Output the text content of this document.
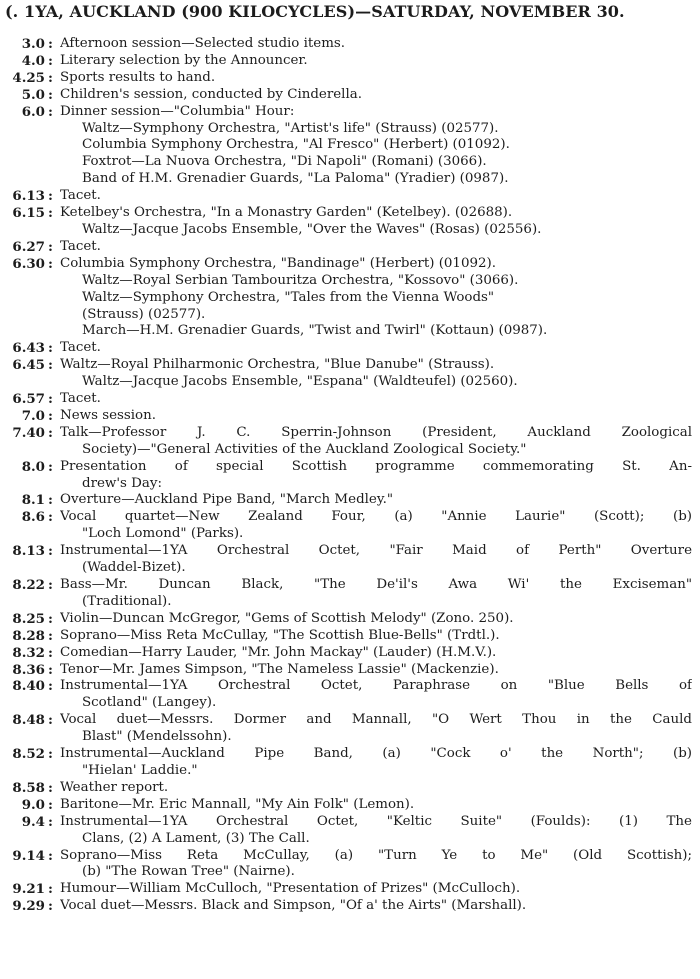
(. 1YA, AUCKLAND (900 KILOCYCLES)—SATURDAY, NOVEMBER 30.
3.0 : Afternoon session—Selected studio items.
4.0 : Literary selection by the Announcer.
4.25 : Sports results to hand.
5.0 : Children's session, conducted by Cinderella.
6.0 : Dinner session—"Columbia" Hour:
Waltz—Symphony Orchestra, "Artist's life" (Strauss) (02577).
Columbia Symphony Orchestra, "Al Fresco" (Herbert) (01092).
Foxtrot—La Nuova Orchestra, "Di Napoli" (Romani) (3066).
Band of H.M. Grenadier Guards, "La Paloma" (Yradier) (0987).
6.13 : Tacet.
6.15 : Ketelbey's Orchestra, "In a Monastry Garden" (Ketelbey). (02688).
Waltz—Jacque Jacobs Ensemble, "Over the Waves" (Rosas) (02556).
6.27 : Tacet.
6.30 : Columbia Symphony Orchestra, "Bandinage" (Herbert) (01092).
Waltz—Royal Serbian Tambouritza Orchestra, "Kossovo" (3066).
Waltz—Symphony Orchestra, "Tales from the Vienna Woods"
(Strauss) (02577).
March—H.M. Grenadier Guards, "Twist and Twirl" (Kottaun) (0987).
6.43 : Tacet.
6.45 : Waltz—Royal Philharmonic Orchestra, "Blue Danube" (Strauss).
Waltz—Jacque Jacobs Ensemble, "Espana" (Waldteufel) (02560).
6.57 : Tacet.
7.0 : News session.
7.40 : Talk—Professor J. C. Sperrin-Johnson (President, Auckland Zoological
Society)—"General Activities of the Auckland Zoological Society."
8.0 : Presentation of special Scottish programme commemorating St. An-
drew's Day:
8.1 : Overture—Auckland Pipe Band, "March Medley."
8.6 : Vocal quartet—New Zealand Four, (a) "Annie Laurie" (Scott); (b)
"Loch Lomond" (Parks).
8.13 : Instrumental—1YA Orchestral Octet, "Fair Maid of Perth" Overture
(Waddel-Bizet).
8.22 : Bass—Mr. Duncan Black, "The De'il's Awa Wi' the Exciseman"
(Traditional).
8.25 : Violin—Duncan McGregor, "Gems of Scottish Melody" (Zono. 250).
8.28 : Soprano—Miss Reta McCullay, "The Scottish Blue-Bells" (Trdtl.).
8.32 : Comedian—Harry Lauder, "Mr. John Mackay" (Lauder) (H.M.V.).
8.36 : Tenor—Mr. James Simpson, "The Nameless Lassie" (Mackenzie).
8.40 : Instrumental—1YA Orchestral Octet, Paraphrase on "Blue Bells of
Scotland" (Langey).
8.48 : Vocal duet—Messrs. Dormer and Mannall, "O Wert Thou in the Cauld
Blast" (Mendelssohn).
8.52 : Instrumental—Auckland Pipe Band, (a) "Cock o' the North"; (b)
"Hielan' Laddie."
8.58 : Weather report.
9.0 : Baritone—Mr. Eric Mannall, "My Ain Folk" (Lemon).
9.4 : Instrumental—1YA Orchestral Octet, "Keltic Suite" (Foulds): (1) The
Clans, (2) A Lament, (3) The Call.
9.14 : Soprano—Miss Reta McCullay, (a) "Turn Ye to Me" (Old Scottish);
(b) "The Rowan Tree" (Nairne).
9.21 : Humour—William McCulloch, "Presentation of Prizes" (McCulloch).
9.29 : Vocal duet—Messrs. Black and Simpson, "Of a' the Airts" (Marshall).
